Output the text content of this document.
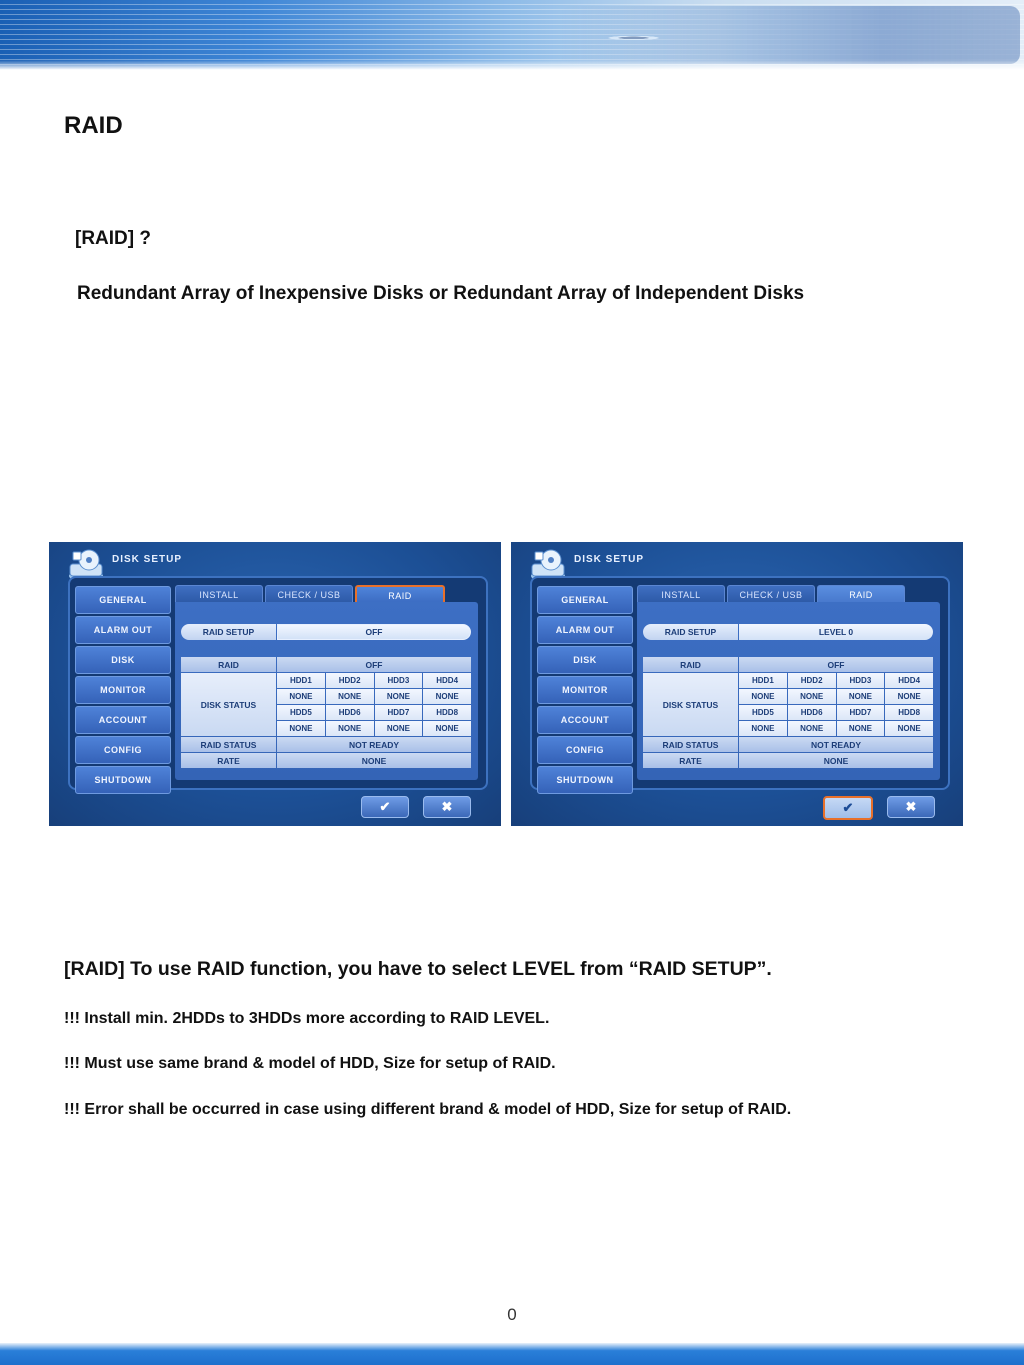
RAID

[RAID] ?

Redundant Array of Inexpensive Disks or Redundant Array of Independent Disks

DISK SETUP
GENERAL
ALARM OUT
DISK
MONITOR
ACCOUNT
CONFIG
SHUTDOWN
INSTALL	CHECK / USB	RAID
RAID SETUP	OFF
RAID	OFF
DISK STATUS
HDD1	HDD2	HDD3	HDD4
NONE	NONE	NONE	NONE
HDD5	HDD6	HDD7	HDD8
NONE	NONE	NONE	NONE
RAID STATUS	NOT READY
RATE	NONE
✔	✖
DISK SETUP
GENERAL
ALARM OUT
DISK
MONITOR
ACCOUNT
CONFIG
SHUTDOWN
INSTALL	CHECK / USB	RAID
RAID SETUP	LEVEL 0
RAID	OFF
DISK STATUS
HDD1	HDD2	HDD3	HDD4
NONE	NONE	NONE	NONE
HDD5	HDD6	HDD7	HDD8
NONE	NONE	NONE	NONE
RAID STATUS	NOT READY
RATE	NONE
✔	✖

[RAID] To use RAID function, you have to select LEVEL from “RAID SETUP”.

!!! Install min. 2HDDs to 3HDDs more according to RAID LEVEL.

!!! Must use same brand & model of HDD, Size for setup of RAID.

!!! Error shall be occurred in case using different brand & model of HDD, Size for setup of RAID.

0
